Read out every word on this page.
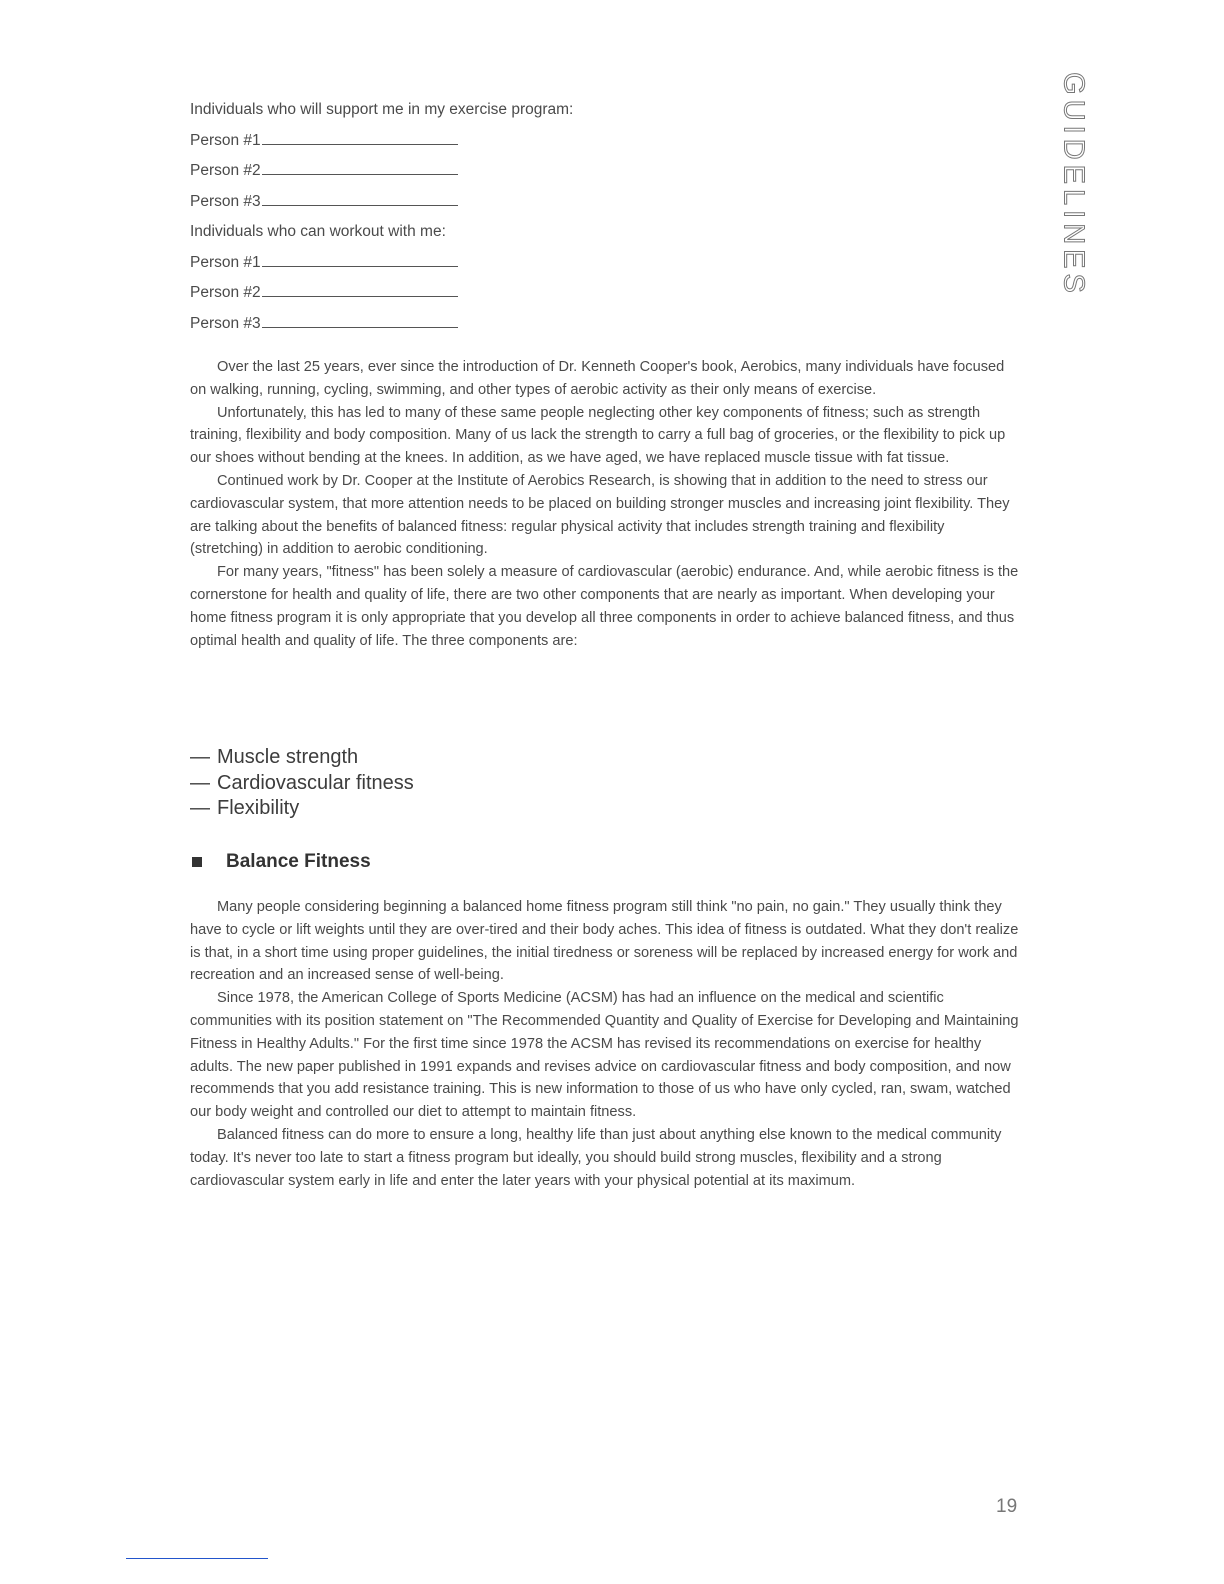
Individuals who will support me in my exercise program:
Person #1
Person #2
Person #3
Individuals who can workout with me:
Person #1
Person #2
Person #3

Over the last 25 years, ever since the introduction of Dr. Kenneth Cooper's book, Aerobics, many individuals have focused on walking, running, cycling, swimming, and other types of aerobic activity as their only means of exercise.

Unfortunately, this has led to many of these same people neglecting other key components of fitness; such as strength training, flexibility and body composition. Many of us lack the strength to carry a full bag of groceries, or the flexibility to pick up our shoes without bending at the knees. In addition, as we have aged, we have replaced muscle tissue with fat tissue.

Continued work by Dr. Cooper at the Institute of Aerobics Research, is showing that in addition to the need to stress our cardiovascular system, that more attention needs to be placed on building stronger muscles and increasing joint flexibility. They are talking about the benefits of balanced fitness: regular physical activity that includes strength training and flexibility (stretching) in addition to aerobic conditioning.

For many years, "fitness" has been solely a measure of cardiovascular (aerobic) endurance. And, while aerobic fitness is the cornerstone for health and quality of life, there are two other components that are nearly as important. When developing your home fitness program it is only appropriate that you develop all three components in order to achieve balanced fitness, and thus optimal health and quality of life. The three components are:

— Muscle strength
— Cardiovascular fitness
— Flexibility
Balance Fitness

Many people considering beginning a balanced home fitness program still think "no pain, no gain." They usually think they have to cycle or lift weights until they are over-tired and their body aches. This idea of fitness is outdated. What they don't realize is that, in a short time using proper guidelines, the initial tiredness or soreness will be replaced by increased energy for work and recreation and an increased sense of well-being.

Since 1978, the American College of Sports Medicine (ACSM) has had an influence on the medical and scientific communities with its position statement on "The Recommended Quantity and Quality of Exercise for Developing and Maintaining Fitness in Healthy Adults." For the first time since 1978 the ACSM has revised its recommendations on exercise for healthy adults. The new paper published in 1991 expands and revises advice on cardiovascular fitness and body composition, and now recommends that you add resistance training. This is new information to those of us who have only cycled, ran, swam, watched our body weight and controlled our diet to attempt to maintain fitness.

Balanced fitness can do more to ensure a long, healthy life than just about anything else known to the medical community today. It's never too late to start a fitness program but ideally, you should build strong muscles, flexibility and a strong cardiovascular system early in life and enter the later years with your physical potential at its maximum.

GUIDELINES
19
